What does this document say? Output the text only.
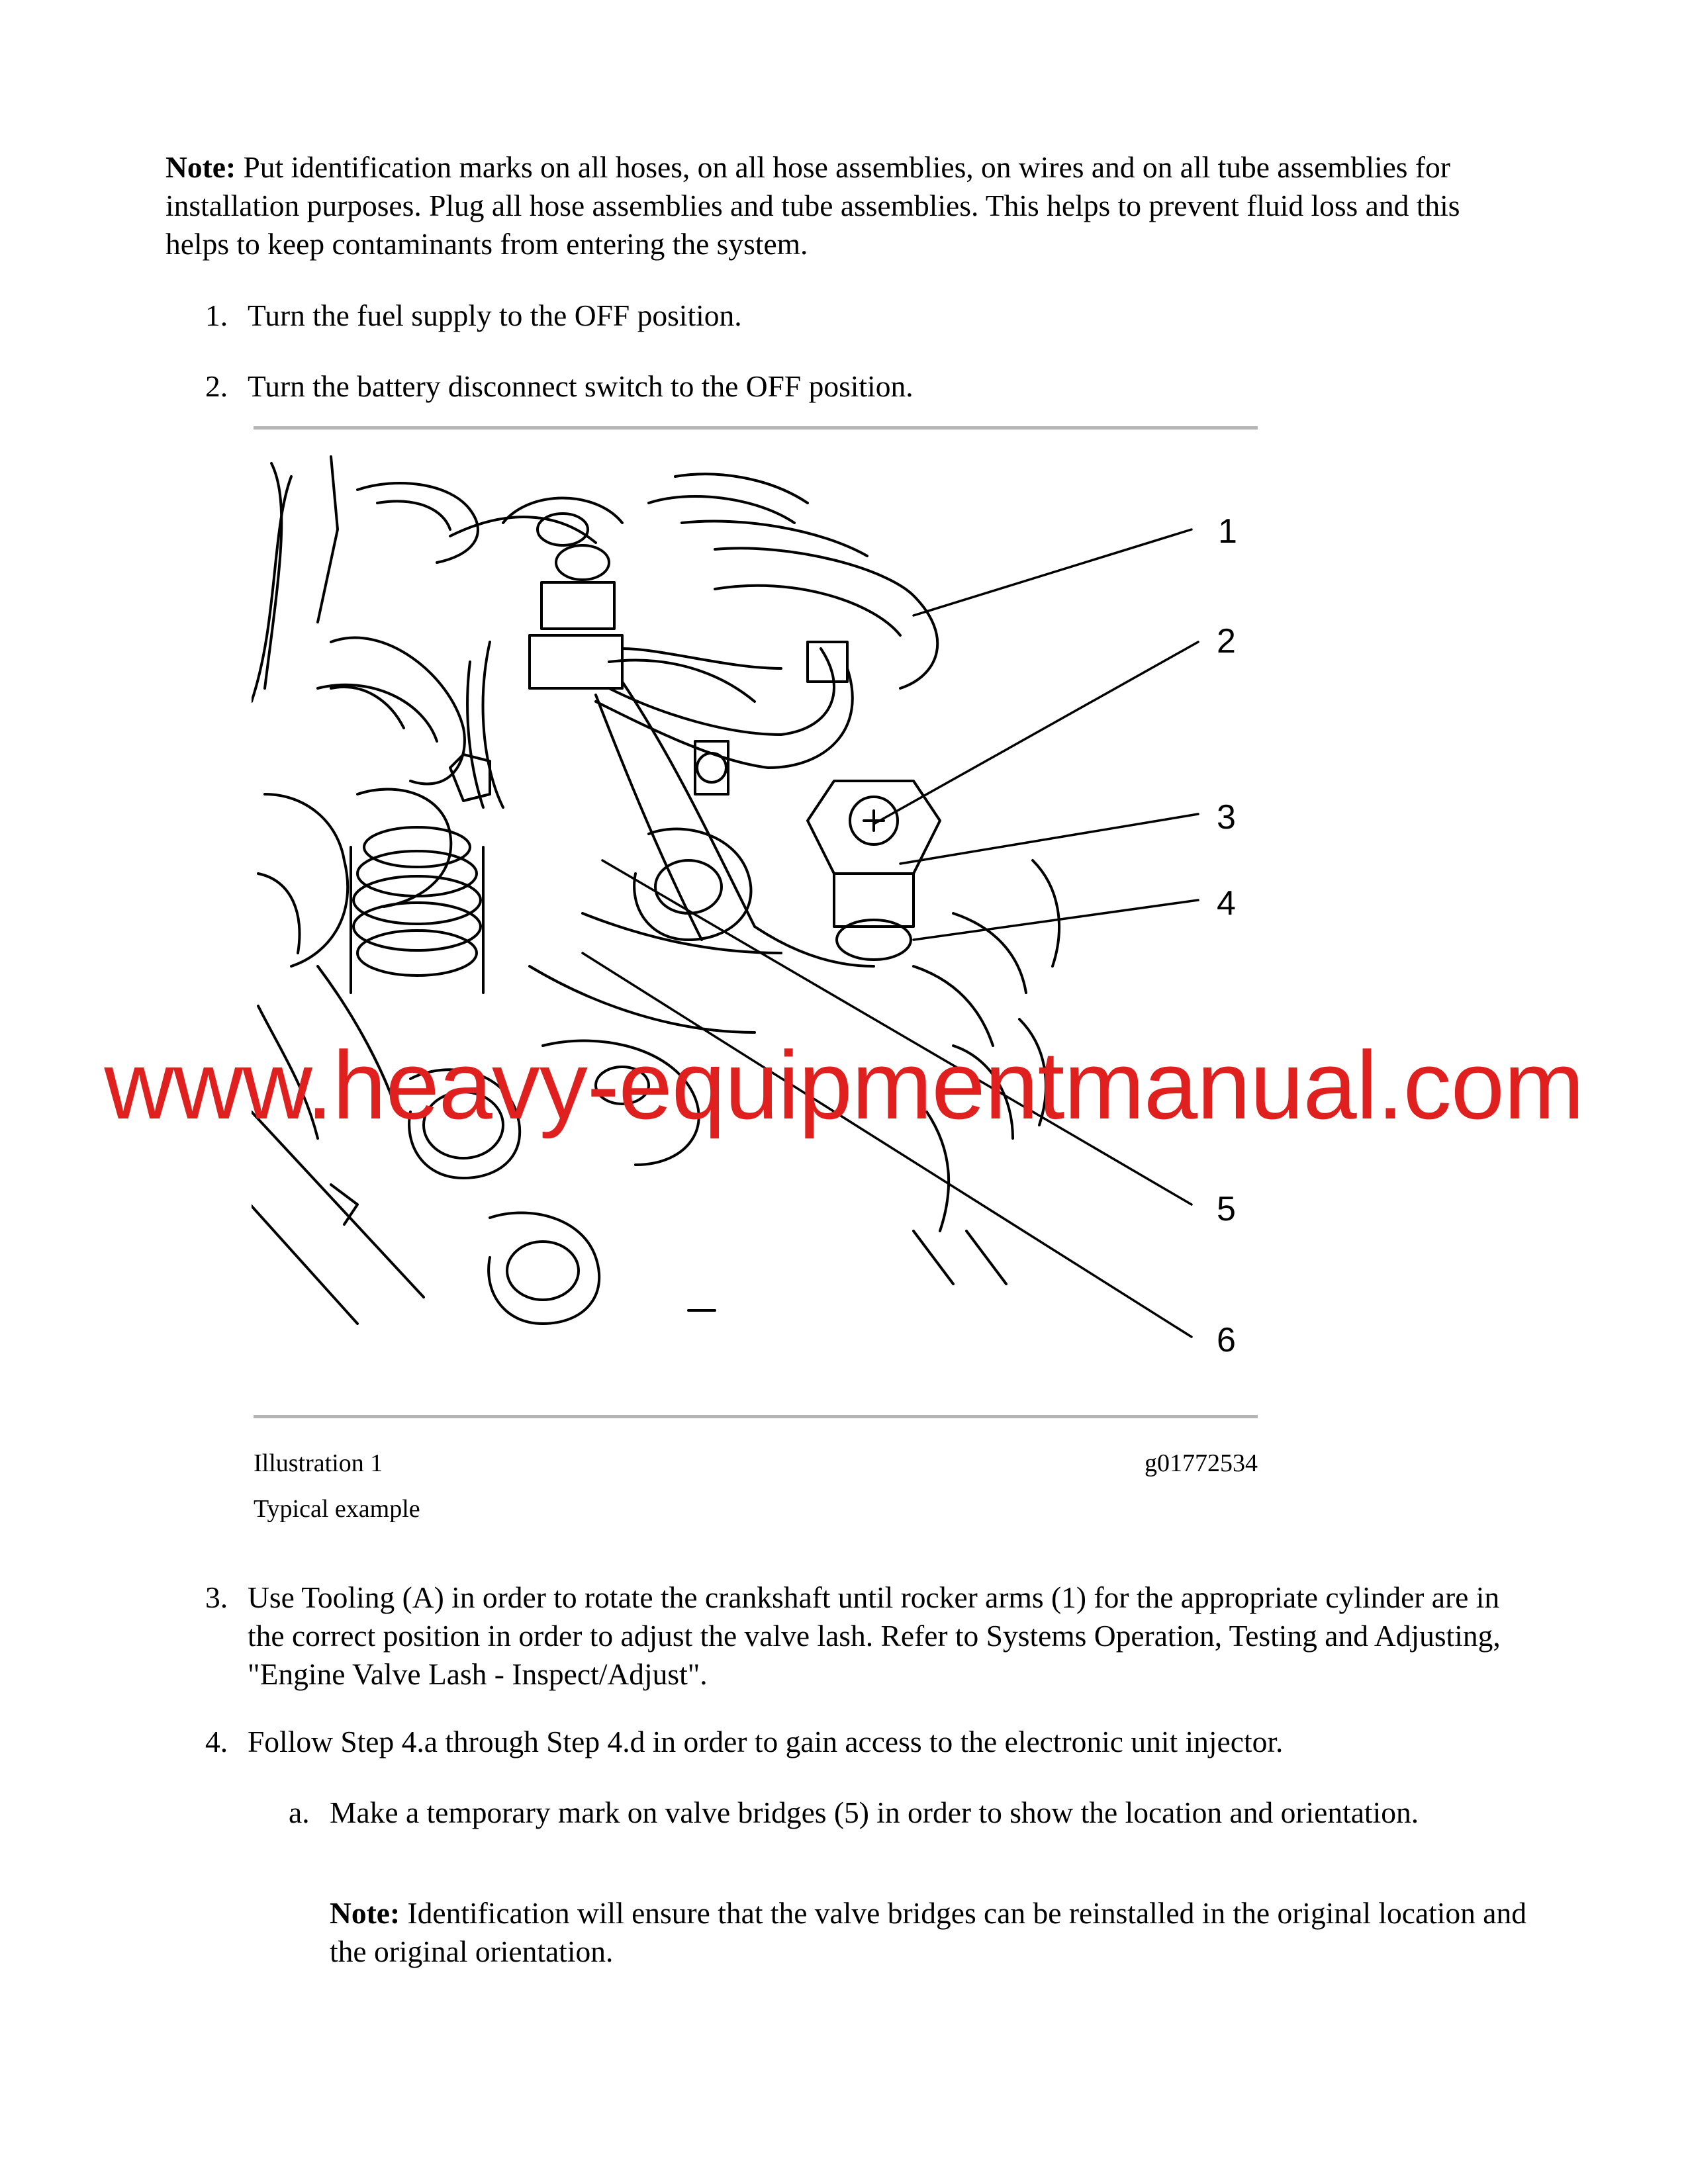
Note: Put identification marks on all hoses, on all hose assemblies, on wires and on all tube assemblies for installation purposes. Plug all hose assemblies and tube assemblies. This helps to prevent fluid loss and this helps to keep contaminants from entering the system.
1. Turn the fuel supply to the OFF position.
2. Turn the battery disconnect switch to the OFF position.
1
2
3
4
5
6
www.heavy-equipmentmanual.com
Illustration 1	g01772534
Typical example
3. Use Tooling (A) in order to rotate the crankshaft until rocker arms (1) for the appropriate cylinder are in the correct position in order to adjust the valve lash. Refer to Systems Operation, Testing and Adjusting, "Engine Valve Lash - Inspect/Adjust".
4. Follow Step 4.a through Step 4.d in order to gain access to the electronic unit injector.
a. Make a temporary mark on valve bridges (5) in order to show the location and orientation.
Note: Identification will ensure that the valve bridges can be reinstalled in the original location and the original orientation.
